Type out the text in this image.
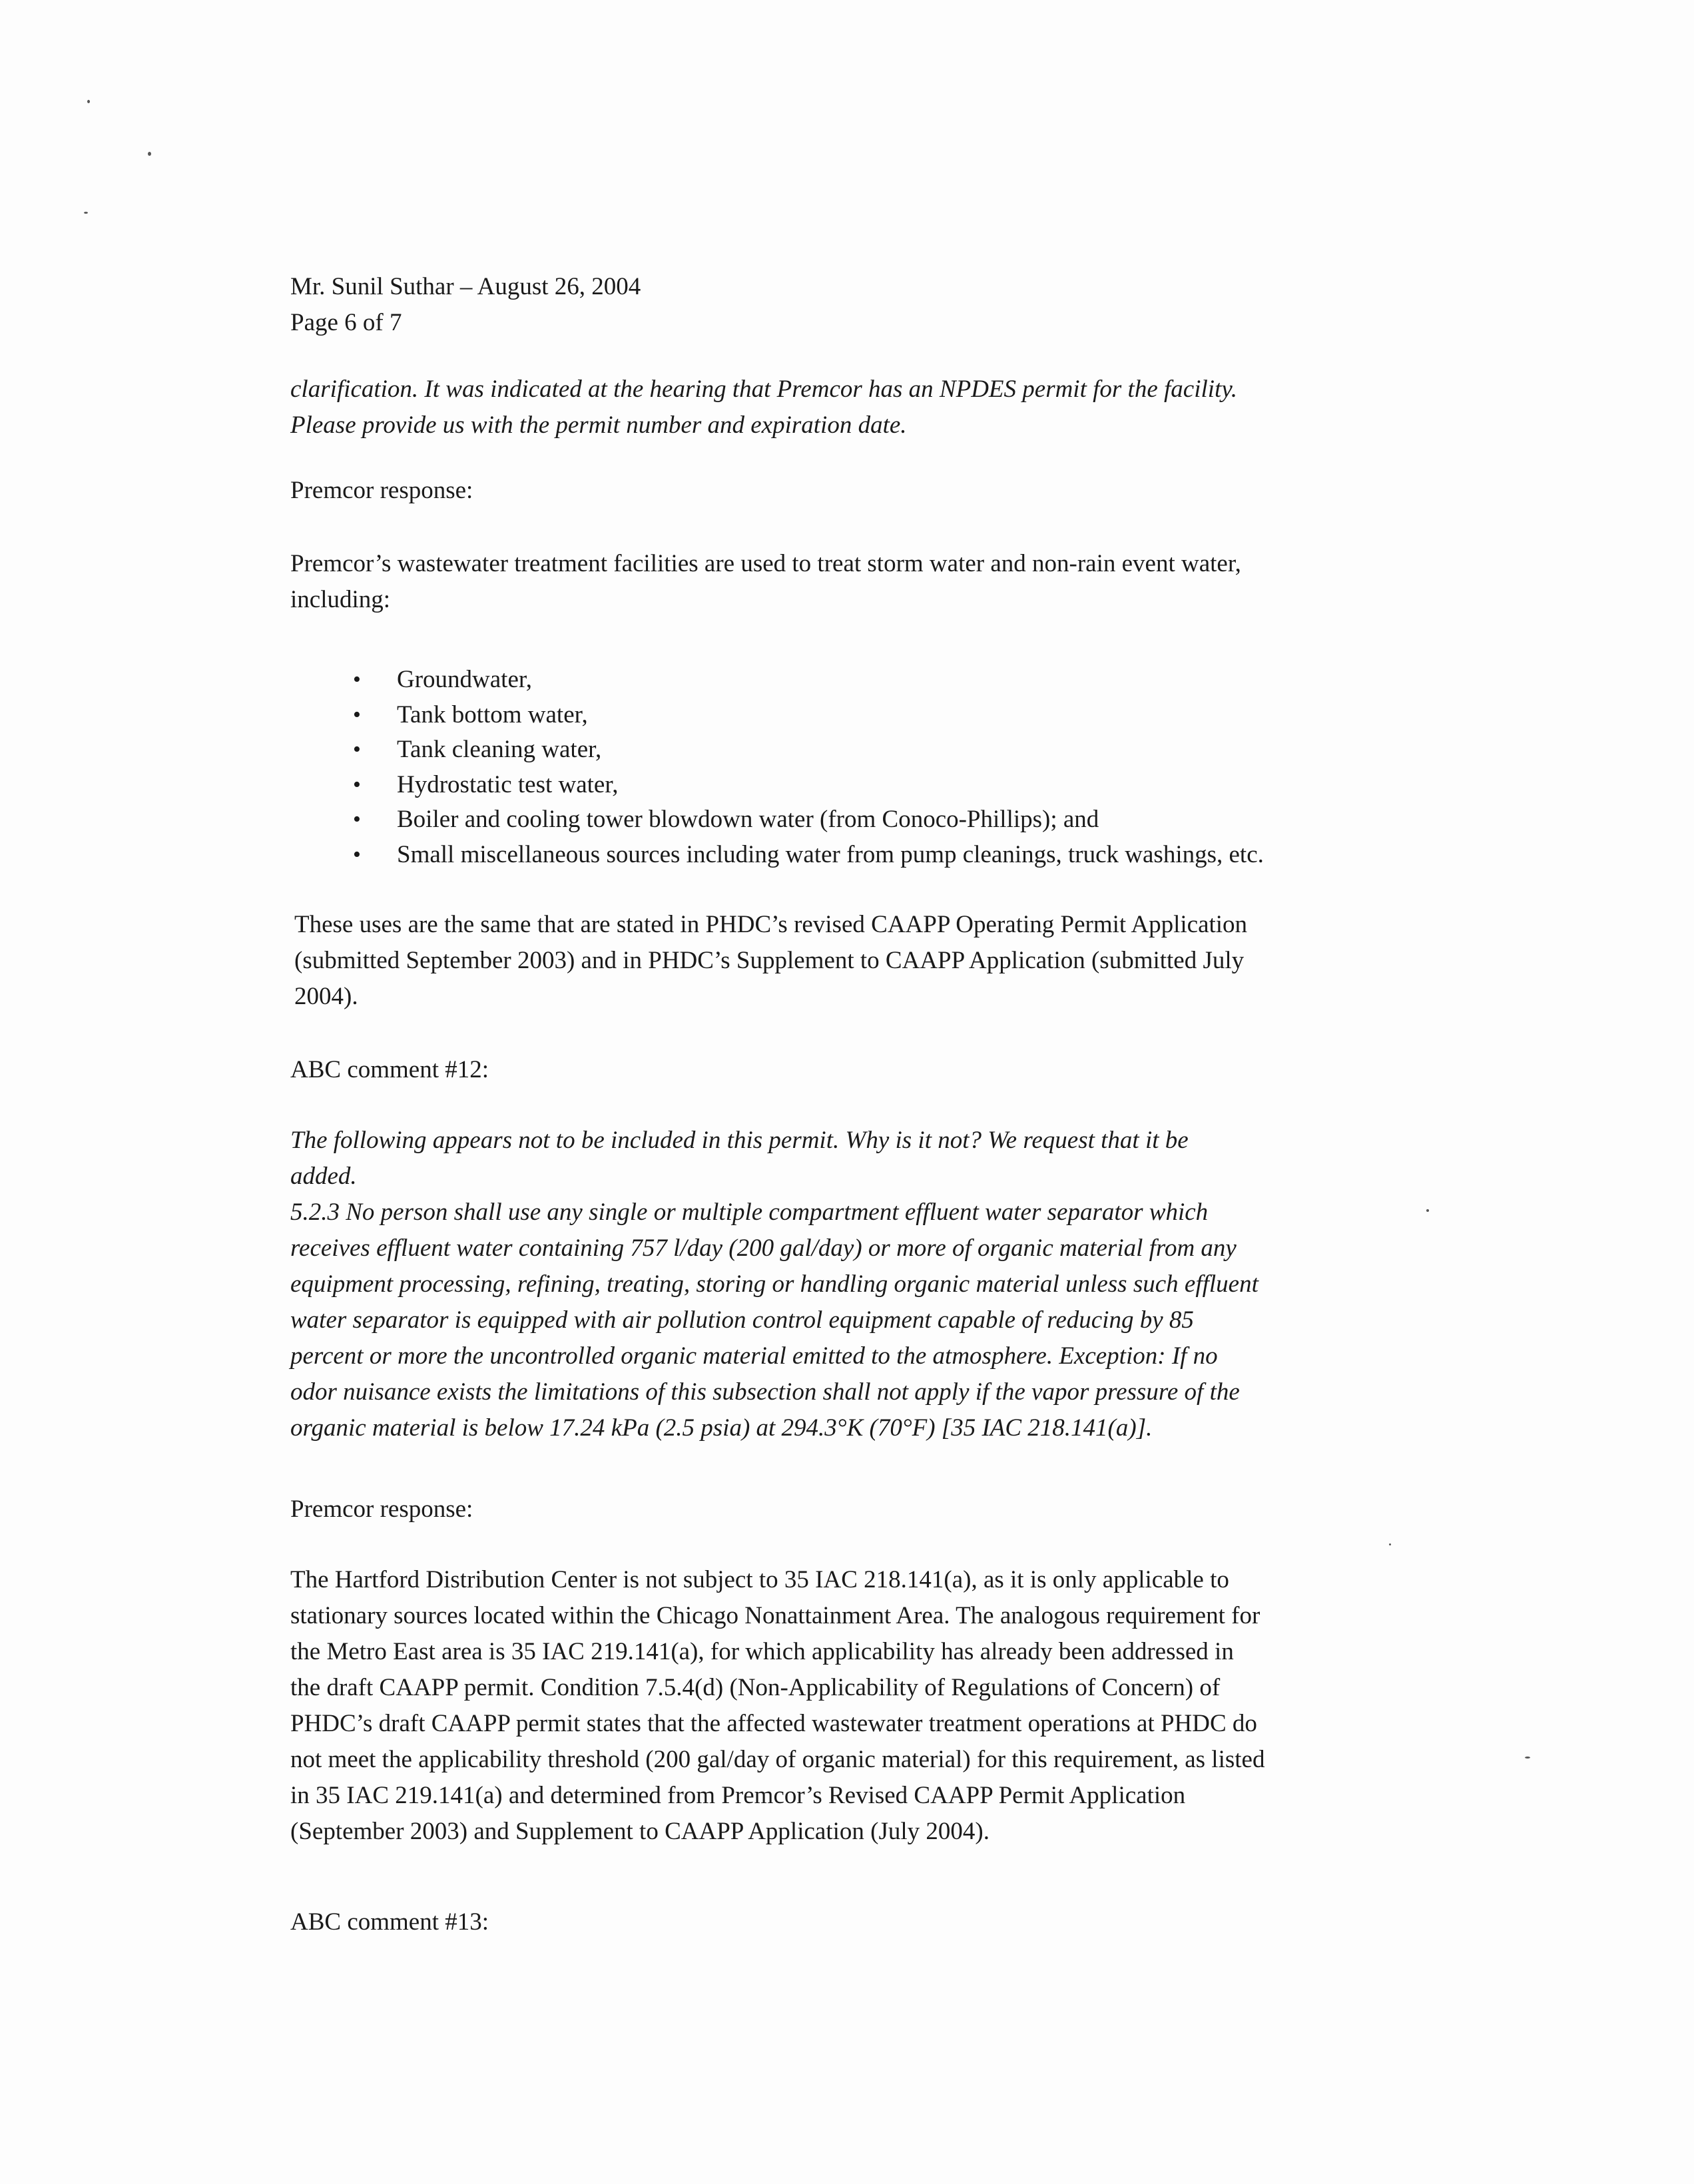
Mr. Sunil Suthar – August 26, 2004
Page 6 of 7
clarification. It was indicated at the hearing that Premcor has an NPDES permit for the facility.
Please provide us with the permit number and expiration date.
Premcor response:
Premcor’s wastewater treatment facilities are used to treat storm water and non-rain event water,
including:
• Groundwater,
• Tank bottom water,
• Tank cleaning water,
• Hydrostatic test water,
• Boiler and cooling tower blowdown water (from Conoco-Phillips); and
• Small miscellaneous sources including water from pump cleanings, truck washings, etc.
These uses are the same that are stated in PHDC’s revised CAAPP Operating Permit Application
(submitted September 2003) and in PHDC’s Supplement to CAAPP Application (submitted July
2004).
ABC comment #12:
The following appears not to be included in this permit. Why is it not? We request that it be
added.
5.2.3 No person shall use any single or multiple compartment effluent water separator which
receives effluent water containing 757 l/day (200 gal/day) or more of organic material from any
equipment processing, refining, treating, storing or handling organic material unless such effluent
water separator is equipped with air pollution control equipment capable of reducing by 85
percent or more the uncontrolled organic material emitted to the atmosphere. Exception: If no
odor nuisance exists the limitations of this subsection shall not apply if the vapor pressure of the
organic material is below 17.24 kPa (2.5 psia) at 294.3°K (70°F) [35 IAC 218.141(a)].
Premcor response:
The Hartford Distribution Center is not subject to 35 IAC 218.141(a), as it is only applicable to
stationary sources located within the Chicago Nonattainment Area. The analogous requirement for
the Metro East area is 35 IAC 219.141(a), for which applicability has already been addressed in
the draft CAAPP permit. Condition 7.5.4(d) (Non-Applicability of Regulations of Concern) of
PHDC’s draft CAAPP permit states that the affected wastewater treatment operations at PHDC do
not meet the applicability threshold (200 gal/day of organic material) for this requirement, as listed
in 35 IAC 219.141(a) and determined from Premcor’s Revised CAAPP Permit Application
(September 2003) and Supplement to CAAPP Application (July 2004).
ABC comment #13:
